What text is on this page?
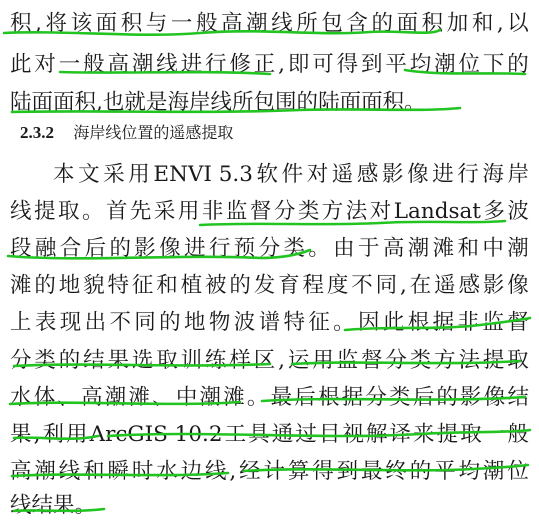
积 , 将 该 面 积 与 一 般 高 潮 线 所 包 含 的 面 积 加 和 , 以
此 对 一 般 高 潮 线 进 行 修 正 , 即 可 得 到 平 均 潮 位 下 的
陆 面 面 积 , 也 就 是 海 岸 线 所 包 围 的 陆 面 面 积 。
2.3.2 海岸线位置的遥感提取
本 文 采 用 ENVI 5.3 软 件 对 遥 感 影 像 进 行 海 岸
线 提 取 。 首 先 采 用 非 监 督 分 类 方 法 对 Landsat 多 波
段 融 合 后 的 影 像 进 行 预 分 类 。 由 于 高 潮 滩 和 中 潮
滩 的 地 貌 特 征 和 植 被 的 发 育 程 度 不 同 , 在 遥 感 影 像
上 表 现 出 不 同 的 地 物 波 谱 特 征 。 因 此 根 据 非 监 督
分 类 的 结 果 选 取 训 练 样 区 , 运 用 监 督 分 类 方 法 提 取
水 体 、 高 潮 滩 、 中 潮 滩 。 最 后 根 据 分 类 后 的 影 像 结
果 , 利 用 ArcGIS 10.2 工 具 通 过 目 视 解 译 来 提 取 一 般
高 潮 线 和 瞬 时 水 边 线 , 经 计 算 得 到 最 终 的 平 均 潮 位
线 结 果 。
